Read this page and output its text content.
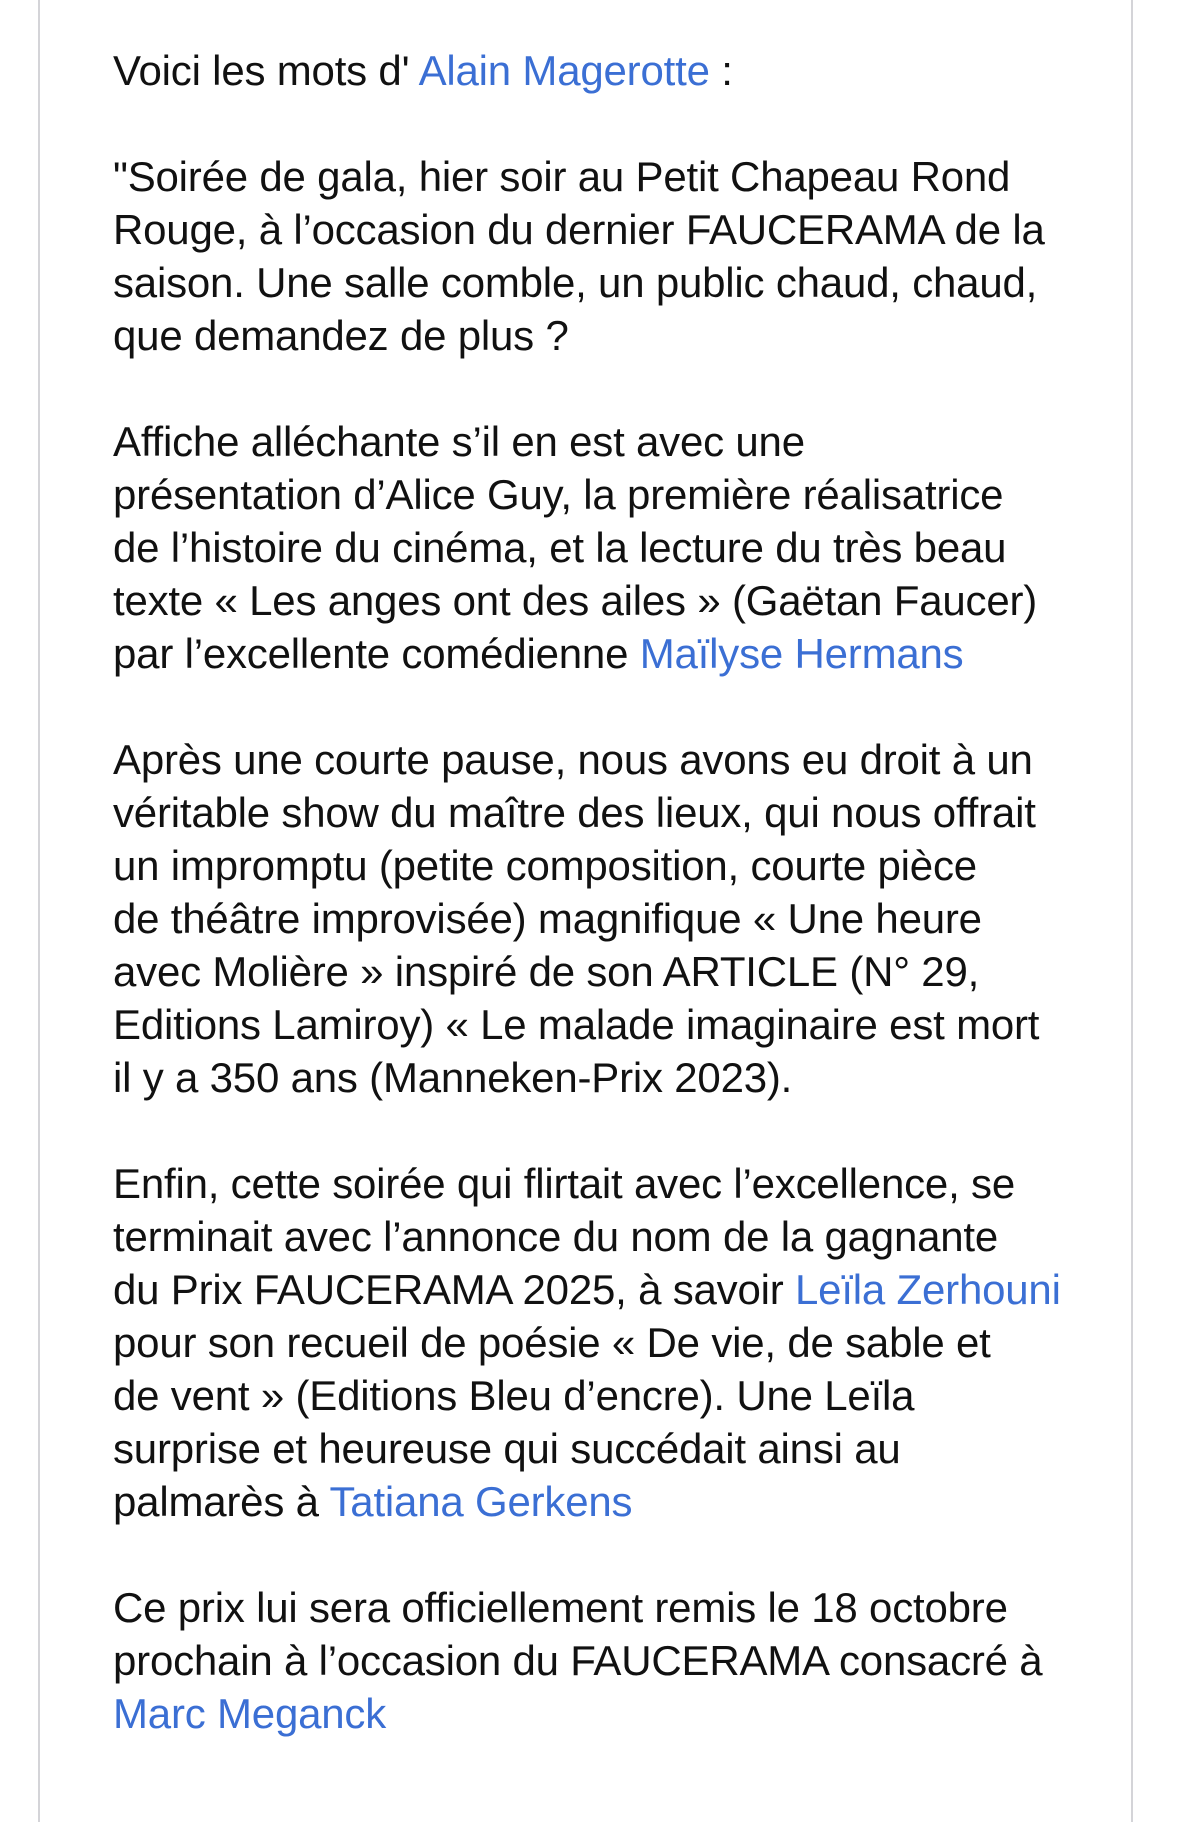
Voici les mots d' Alain Magerotte :
"Soirée de gala, hier soir au Petit Chapeau Rond
Rouge, à l’occasion du dernier FAUCERAMA de la
saison. Une salle comble, un public chaud, chaud,
que demandez de plus ?
Affiche alléchante s’il en est avec une
présentation d’Alice Guy, la première réalisatrice
de l’histoire du cinéma, et la lecture du très beau
texte « Les anges ont des ailes » (Gaëtan Faucer)
par l’excellente comédienne Maïlyse Hermans
Après une courte pause, nous avons eu droit à un
véritable show du maître des lieux, qui nous offrait
un impromptu (petite composition, courte pièce
de théâtre improvisée) magnifique « Une heure
avec Molière » inspiré de son ARTICLE (N° 29,
Editions Lamiroy) « Le malade imaginaire est mort
il y a 350 ans (Manneken-Prix 2023).
Enfin, cette soirée qui flirtait avec l’excellence, se
terminait avec l’annonce du nom de la gagnante
du Prix FAUCERAMA 2025, à savoir Leïla Zerhouni
pour son recueil de poésie « De vie, de sable et
de vent » (Editions Bleu d’encre). Une Leïla
surprise et heureuse qui succédait ainsi au
palmarès à Tatiana Gerkens
Ce prix lui sera officiellement remis le 18 octobre
prochain à l’occasion du FAUCERAMA consacré à
Marc Meganck
